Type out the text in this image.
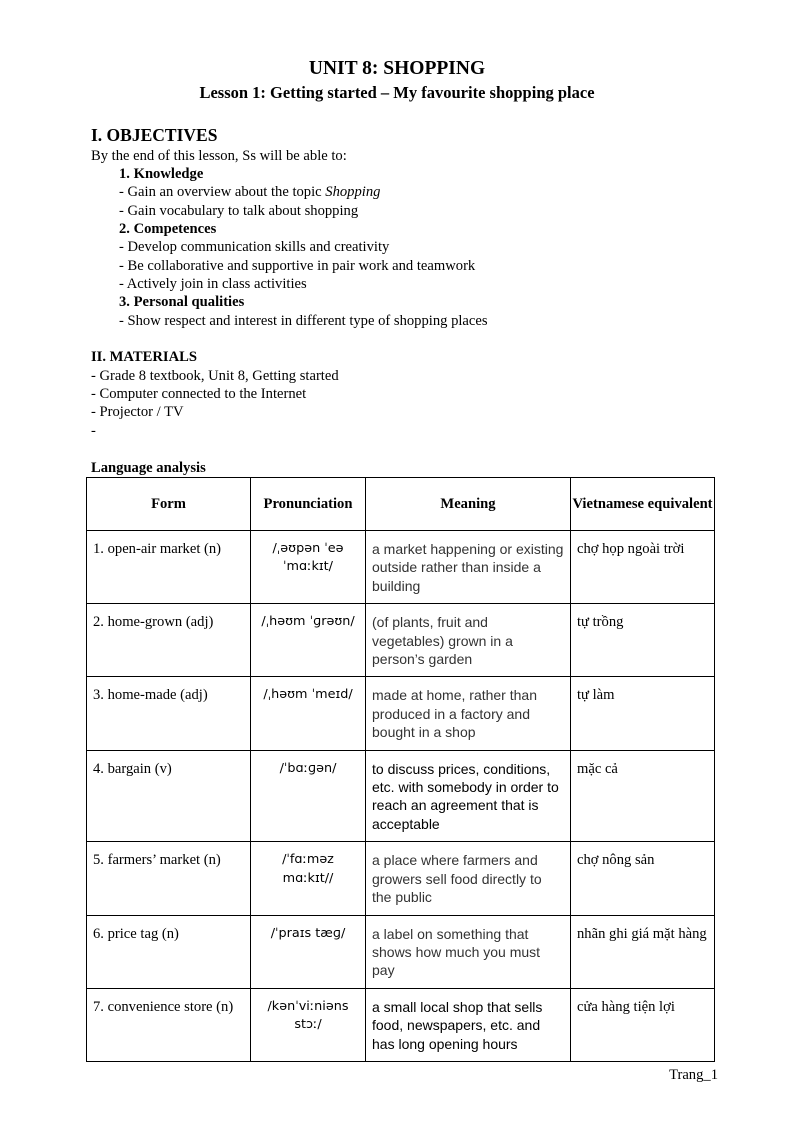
UNIT 8: SHOPPING
Lesson 1: Getting started – My favourite shopping place
I. OBJECTIVES
By the end of this lesson, Ss will be able to:
1. Knowledge
- Gain an overview about the topic Shopping
- Gain vocabulary to talk about shopping
2. Competences
- Develop communication skills and creativity
- Be collaborative and supportive in pair work and teamwork
- Actively join in class activities
3. Personal qualities
- Show respect and interest in different type of shopping places
II. MATERIALS
- Grade 8 textbook, Unit 8, Getting started
- Computer connected to the Internet
- Projector / TV
-
Language analysis
Form	Pronunciation	Meaning	Vietnamese equivalent

1. open-air market (n)	/ˌəʊpən ˈeə ˈmɑːkɪt/	a market happening or existing outside rather than inside a building	chợ họp ngoài trời

2. home-grown (adj)	/ˌhəʊm ˈɡrəʊn/	(of plants, fruit and vegetables) grown in a person’s garden	tự trồng

3. home-made (adj)	/ˌhəʊm ˈmeɪd/	made at home, rather than produced in a factory and bought in a shop	tự làm

4. bargain (v)	/ˈbɑːɡən/	to discuss prices, conditions, etc. with somebody in order to reach an agreement that is acceptable	mặc cả

5. farmers’ market (n)	/ˈfɑːməz mɑːkɪt//	a place where farmers and growers sell food directly to the public	chợ nông sản

6. price tag (n)	/ˈpraɪs tæɡ/	a label on something that shows how much you must pay	nhãn ghi giá mặt hàng

7. convenience store (n)	/kənˈviːniəns stɔː/	a small local shop that sells food, newspapers, etc. and has long opening hours	cửa hàng tiện lợi
Trang_1
